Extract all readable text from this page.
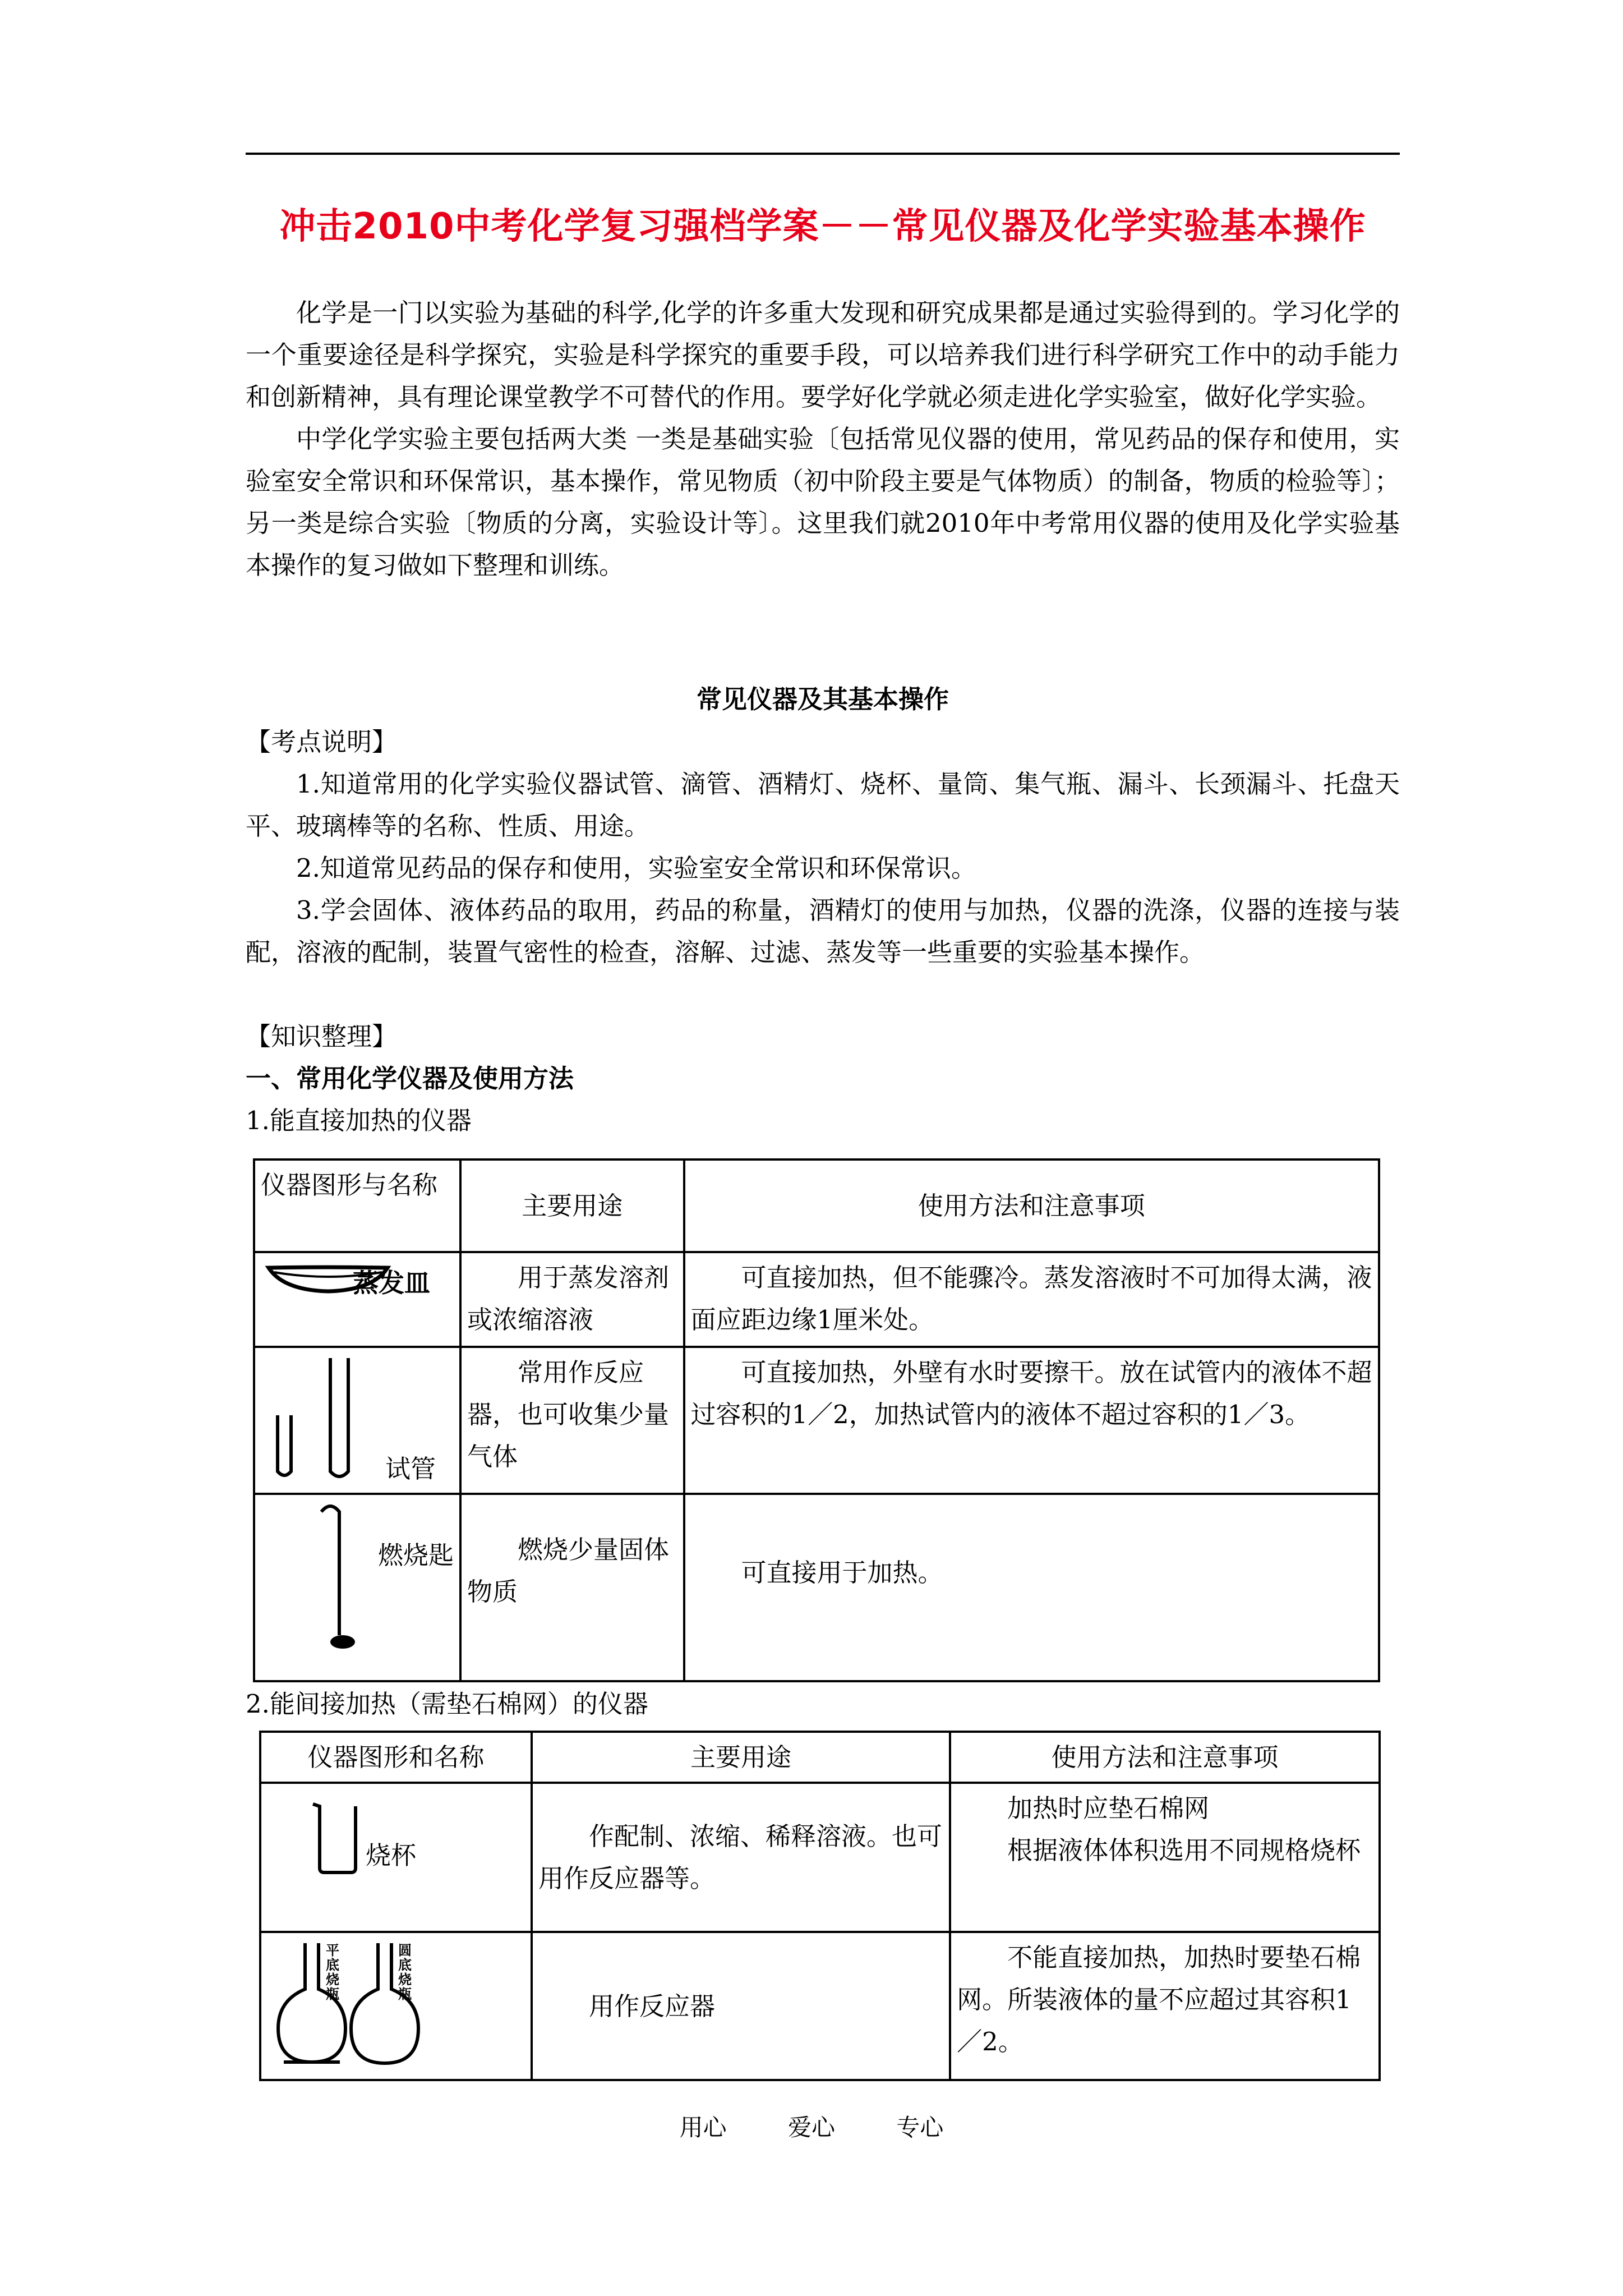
冲击2010中考化学复习强档学案－－常见仪器及化学实验基本操作

化学是一门以实验为基础的科学,化学的许多重大发现和研究成果都是通过实验得到的。学习化学的一个重要途径是科学探究，实验是科学探究的重要手段，可以培养我们进行科学研究工作中的动手能力和创新精神，具有理论课堂教学不可替代的作用。要学好化学就必须走进化学实验室，做好化学实验。

中学化学实验主要包括两大类 一类是基础实验〔包括常见仪器的使用，常见药品的保存和使用，实验室安全常识和环保常识，基本操作，常见物质（初中阶段主要是气体物质）的制备，物质的检验等〕；另一类是综合实验〔物质的分离，实验设计等〕。这里我们就2010年中考常用仪器的使用及化学实验基本操作的复习做如下整理和训练。

常见仪器及其基本操作
【考点说明】

1.知道常用的化学实验仪器试管、滴管、酒精灯、烧杯、量筒、集气瓶、漏斗、长颈漏斗、托盘天平、玻璃棒等的名称、性质、用途。

2.知道常见药品的保存和使用，实验室安全常识和环保常识。

3.学会固体、液体药品的取用，药品的称量，酒精灯的使用与加热，仪器的洗涤，仪器的连接与装配，溶液的配制，装置气密性的检查，溶解、过滤、蒸发等一些重要的实验基本操作。

【知识整理】
一、常用化学仪器及使用方法
1.能直接加热的仪器
仪器图形与名称	主要用途	使用方法和注意事项

蒸发皿	用于蒸发溶剂或浓缩溶液	可直接加热，但不能骤冷。蒸发溶液时不可加得太满，液面应距边缘1厘米处。

试管	常用作反应器，也可收集少量气体	可直接加热，外壁有水时要擦干。放在试管内的液体不超过容积的1／2，加热试管内的液体不超过容积的1／3。

燃烧匙	燃烧少量固体物质	可直接用于加热。
2.能间接加热（需垫石棉网）的仪器
仪器图形和名称	主要用途	使用方法和注意事项

烧杯	作配制、浓缩、稀释溶液。也可用作反应器等。	加热时应垫石棉网
根据液体体积选用不同规格烧杯

平底烧瓶
圆底烧瓶	用作反应器	不能直接加热，加热时要垫石棉网。所装液体的量不应超过其容积1／2。
用心	爱心	专心
